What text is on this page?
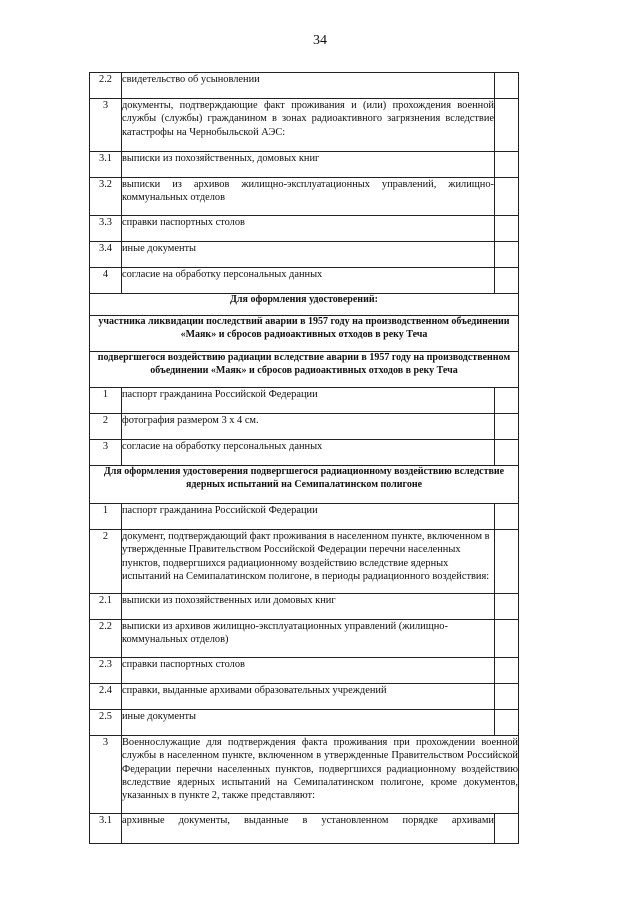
34
2.2	свидетельство об усыновлении	
3	документы, подтверждающие факт проживания и (или) прохождения военной службы (службы) гражданином в зонах радиоактивного загрязнения вследствие катастрофы на Чернобыльской АЭС:	
3.1	выписки из похозяйственных, домовых книг	
3.2	выписки из архивов жилищно-эксплуатационных управлений, жилищно-коммунальных отделов	
3.3	справки паспортных столов	
3.4	иные документы	
4	согласие на обработку персональных данных	
Для оформления удостоверений:		
участника ликвидации последствий аварии в 1957 году на производственном объединении «Маяк» и сбросов радиоактивных отходов в реку Теча		
подвергшегося воздействию радиации вследствие аварии в 1957 году на производственном объединении «Маяк» и сбросов радиоактивных отходов в реку Теча		
1	паспорт гражданина Российской Федерации	
2	фотография размером 3 x 4 см.	
3	согласие на обработку персональных данных	
Для оформления удостоверения подвергшегося радиационному воздействию вследствие ядерных испытаний на Семипалатинском полигоне		
1	паспорт гражданина Российской Федерации	
2	документ, подтверждающий факт проживания в населенном пункте, включенном в утвержденные Правительством Российской Федерации перечни населенных пунктов, подвергшихся радиационному воздействию вследствие ядерных испытаний на Семипалатинском полигоне, в периоды радиационного воздействия:	
2.1	выписки из похозяйственных или домовых книг	
2.2	выписки из архивов жилищно-эксплуатационных управлений (жилищно-коммунальных отделов)	
2.3	справки паспортных столов	
2.4	справки, выданные архивами образовательных учреждений	
2.5	иные документы	
3	Военнослужащие для подтверждения факта проживания при прохождении военной службы в населенном пункте, включенном в утвержденные Правительством Российской Федерации перечни населенных пунктов, подвергшихся радиационному воздействию вследствие ядерных испытаний на Семипалатинском полигоне, кроме документов, указанных в пункте 2, также представляют:	
3.1	архивные документы, выданные в установленном порядке архивами	
